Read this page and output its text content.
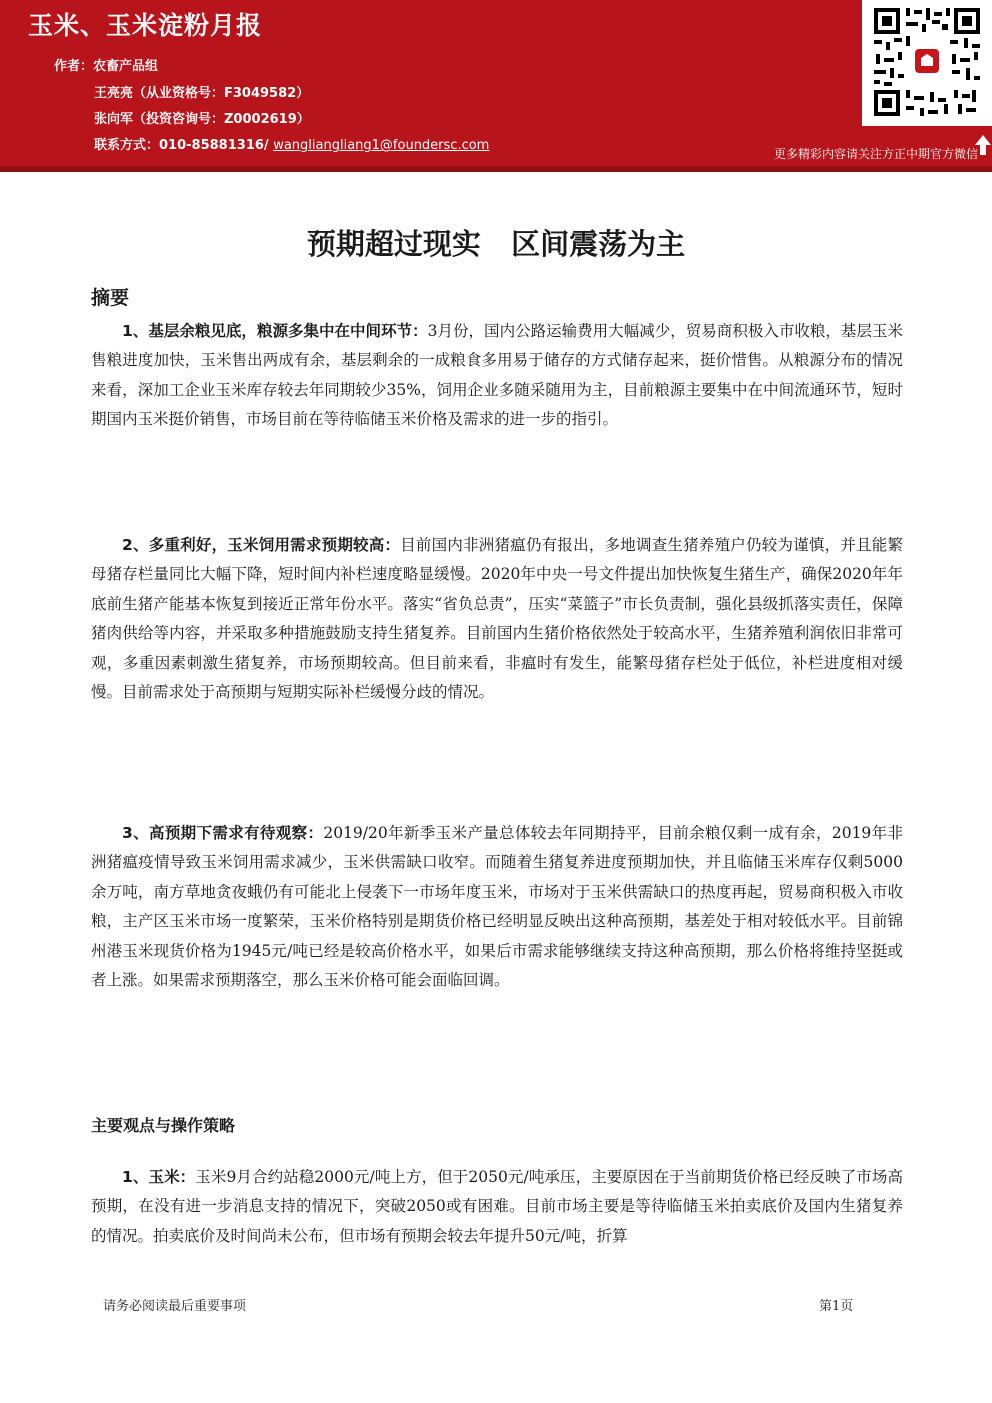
玉米、玉米淀粉月报
作者：农畜产品组
王亮亮（从业资格号：F3049582）
张向军（投资咨询号：Z0002619）
联系方式：010-85881316/ wangliangliang1@foundersc.com
更多精彩内容请关注方正中期官方微信
预期超过现实   区间震荡为主
摘要
1、基层余粮见底，粮源多集中在中间环节：3月份，国内公路运输费用大幅减少，贸易商积极入市收粮，基层玉米售粮进度加快，玉米售出两成有余，基层剩余的一成粮食多用易于储存的方式储存起来，挺价惜售。从粮源分布的情况来看，深加工企业玉米库存较去年同期较少35%，饲用企业多随采随用为主，目前粮源主要集中在中间流通环节，短时期国内玉米挺价销售，市场目前在等待临储玉米价格及需求的进一步的指引。
2、多重利好，玉米饲用需求预期较高：目前国内非洲猪瘟仍有报出，多地调查生猪养殖户仍较为谨慎，并且能繁母猪存栏量同比大幅下降，短时间内补栏速度略显缓慢。2020年中央一号文件提出加快恢复生猪生产，确保2020年年底前生猪产能基本恢复到接近正常年份水平。落实“省负总责”，压实“菜篮子”市长负责制，强化县级抓落实责任，保障猪肉供给等内容，并采取多种措施鼓励支持生猪复养。目前国内生猪价格依然处于较高水平，生猪养殖利润依旧非常可观，多重因素刺激生猪复养，市场预期较高。但目前来看，非瘟时有发生，能繁母猪存栏处于低位，补栏进度相对缓慢。目前需求处于高预期与短期实际补栏缓慢分歧的情况。
3、高预期下需求有待观察：2019/20年新季玉米产量总体较去年同期持平，目前余粮仅剩一成有余，2019年非洲猪瘟疫情导致玉米饲用需求减少，玉米供需缺口收窄。而随着生猪复养进度预期加快，并且临储玉米库存仅剩5000余万吨，南方草地贪夜蛾仍有可能北上侵袭下一市场年度玉米，市场对于玉米供需缺口的热度再起，贸易商积极入市收粮，主产区玉米市场一度繁荣，玉米价格特别是期货价格已经明显反映出这种高预期，基差处于相对较低水平。目前锦州港玉米现货价格为1945元/吨已经是较高价格水平，如果后市需求能够继续支持这种高预期，那么价格将维持坚挺或者上涨。如果需求预期落空，那么玉米价格可能会面临回调。
主要观点与操作策略
1、玉米：玉米9月合约站稳2000元/吨上方，但于2050元/吨承压，主要原因在于当前期货价格已经反映了市场高预期，在没有进一步消息支持的情况下，突破2050或有困难。目前市场主要是等待临储玉米拍卖底价及国内生猪复养的情况。拍卖底价及时间尚未公布，但市场有预期会较去年提升50元/吨，折算
请务必阅读最后重要事项	第1页
